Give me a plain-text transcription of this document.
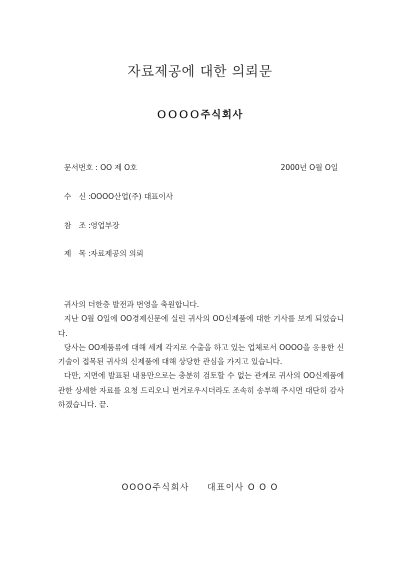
자료제공에 대한 의뢰문
ＯＯＯＯ주식회사
문서번호 : OO 제 O호	2000년 O월 O일
수　신 : OOOO산업(주) 대표이사
참　조 : 영업부장
제　목 : 자료제공의 의뢰

귀사의 더한층 발전과 번영을 축원합니다.

지난 O월 O일에 OO경제신문에 실린 귀사의 OO신제품에 대한 기사를 보게 되었습니다.

당사는 OO제품류에 대해 세계 각지로 수출을 하고 있는 업체로서 OOOO을 응용한 신기술이 접목된 귀사의 신제품에 대해 상당한 관심을 가지고 있습니다.

다만, 지면에 발표된 내용만으로는 충분히 검토할 수 없는 관계로 귀사의 OO신제품에 관한 상세한 자료를 요청 드리오니 번거로우시더라도 조속히 송부해 주시면 대단히 감사하겠습니다. 끝.

OOOO주식회사 대표이사 O O O
